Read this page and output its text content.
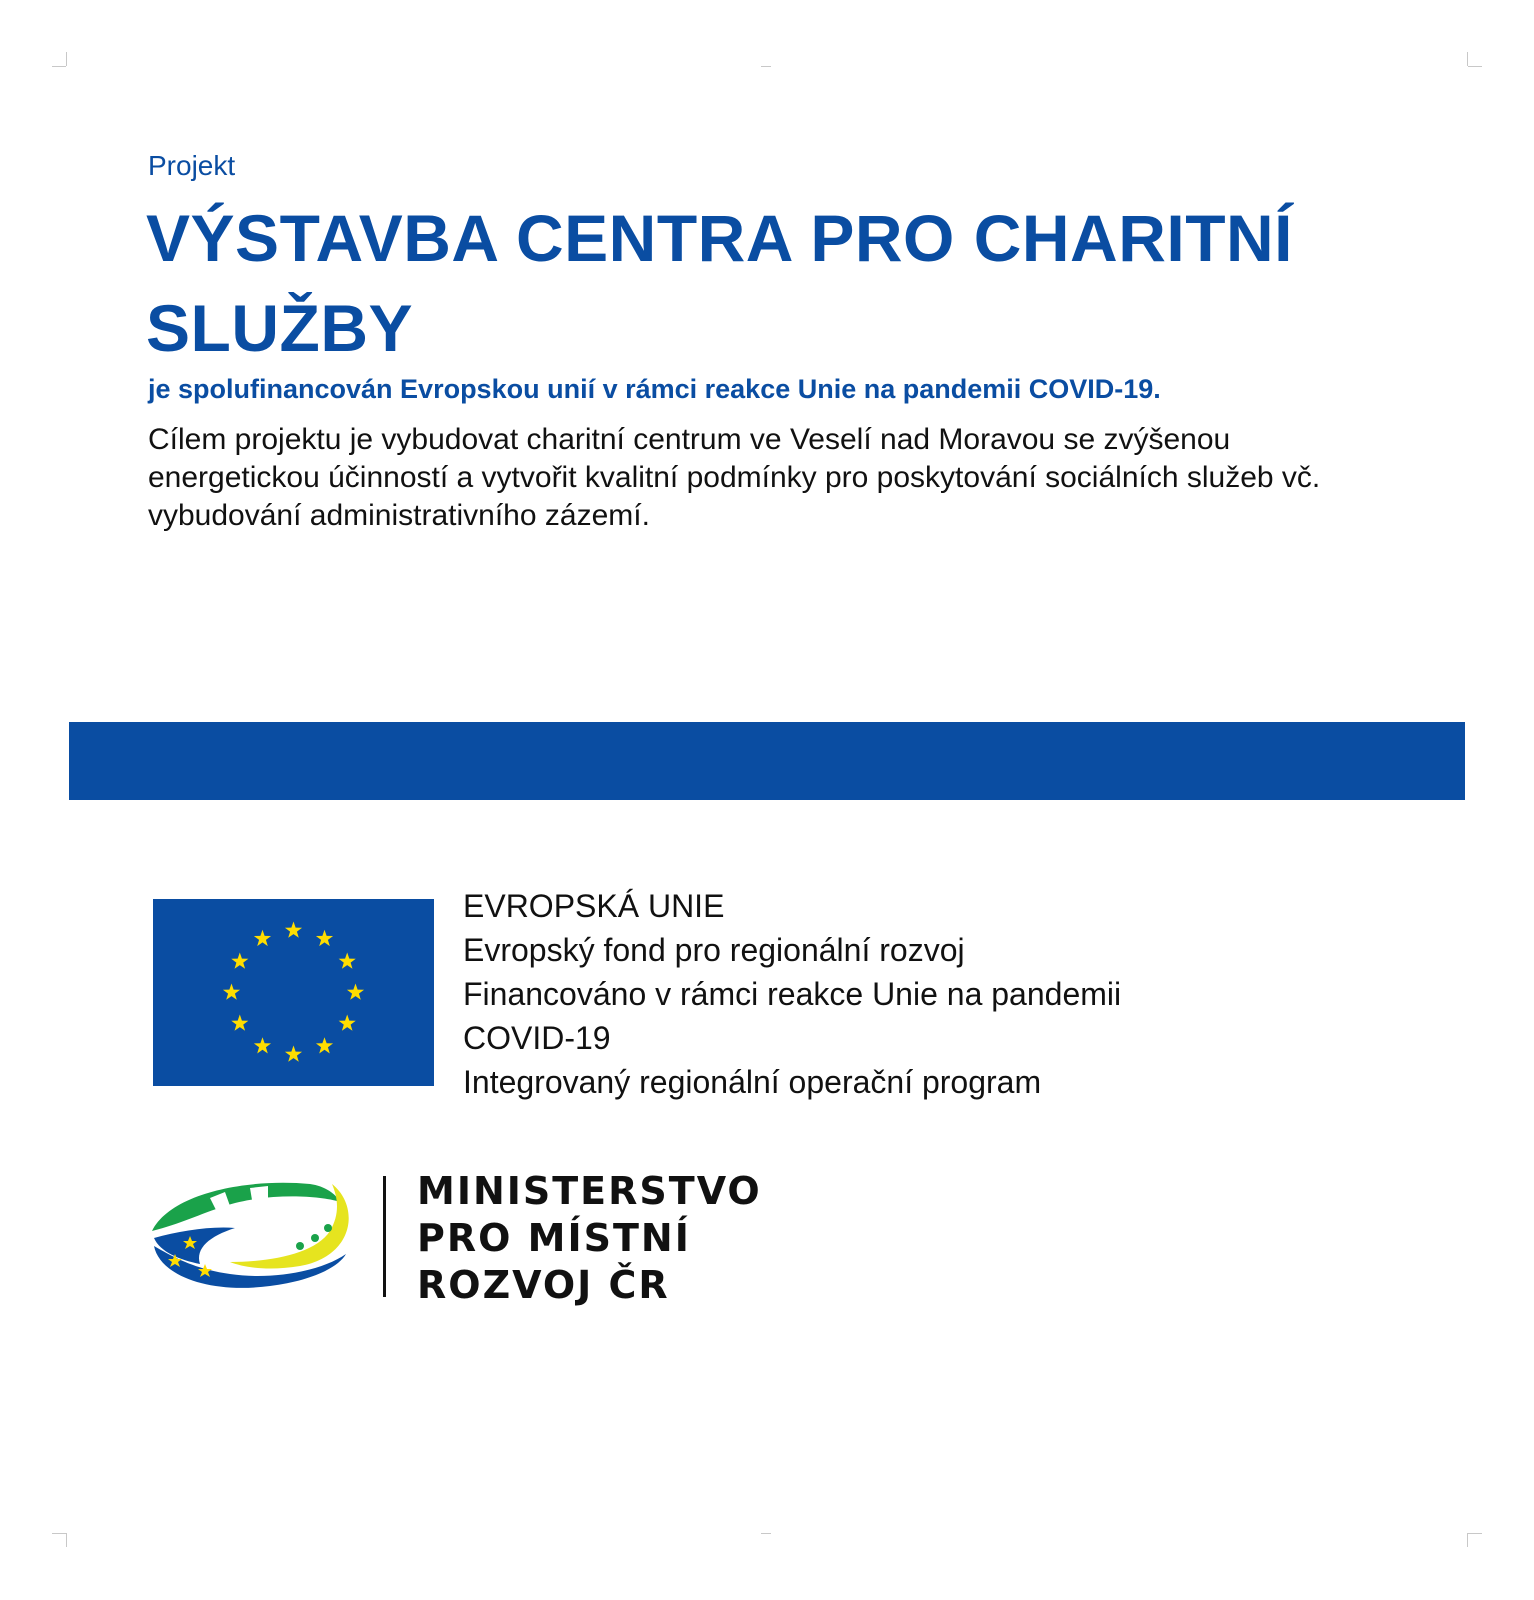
Projekt
VÝSTAVBA CENTRA PRO CHARITNÍ SLUŽBY
je spolufinancován Evropskou unií v rámci reakce Unie na pandemii COVID-19.
Cílem projektu je vybudovat charitní centrum ve Veselí nad Moravou se zvýšenou energetickou účinností a vytvořit kvalitní podmínky pro poskytování sociálních služeb vč. vybudování administrativního zázemí.
EVROPSKÁ UNIE
Evropský fond pro regionální rozvoj
Financováno v rámci reakce Unie na pandemii
COVID-19
Integrovaný regionální operační program
MINISTERSTVO
PRO MÍSTNÍ
ROZVOJ ČR
